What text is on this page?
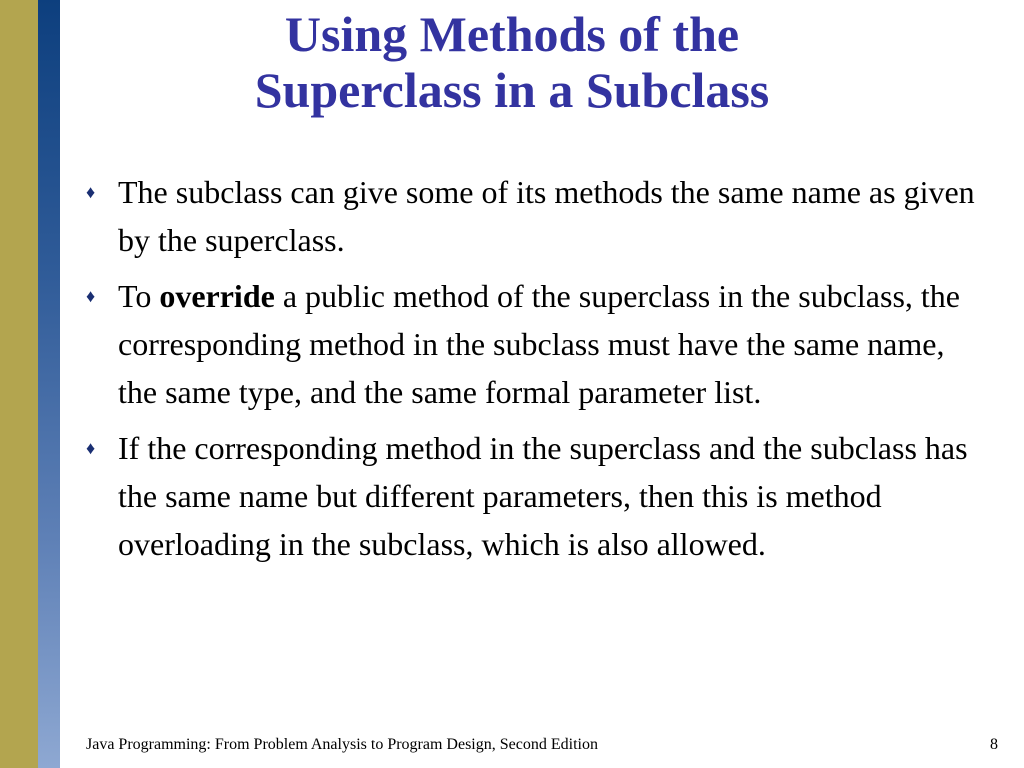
Using Methods of the
Superclass in a Subclass
♦ The subclass can give some of its methods the same name as given by the superclass.
♦ To override a public method of the superclass in the subclass, the corresponding method in the subclass must have the same name, the same type, and the same formal parameter list.
♦ If the corresponding method in the superclass and the subclass has the same name but different parameters, then this is method overloading in the subclass, which is also allowed.
Java Programming: From Problem Analysis to Program Design, Second Edition	8
